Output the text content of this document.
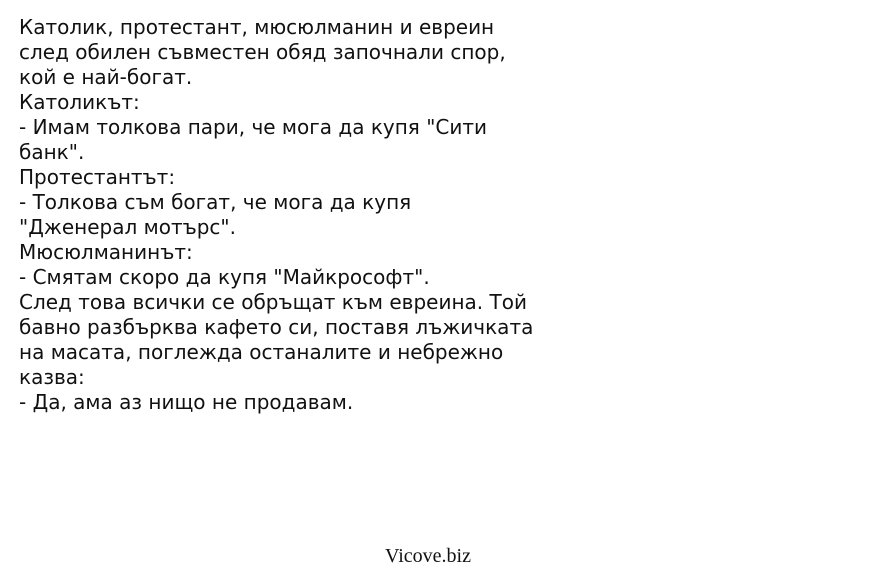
Католик, протестант, мюсюлманин и евреин
след обилен съвместен обяд започнали спор,
кой е най-богат.
Католикът:
- Имам толкова пари, че мога да купя "Сити
банк".
Протестантът:
- Толкова съм богат, че мога да купя
"Дженерал мотърс".
Мюсюлманинът:
- Смятам скоро да купя "Майкрософт".
След това всички се обръщат към евреина. Той
бавно разбърква кафето си, поставя лъжичката
на масата, поглежда останалите и небрежно
казва:
- Да, ама аз нищо не продавам.
Vicove.biz
